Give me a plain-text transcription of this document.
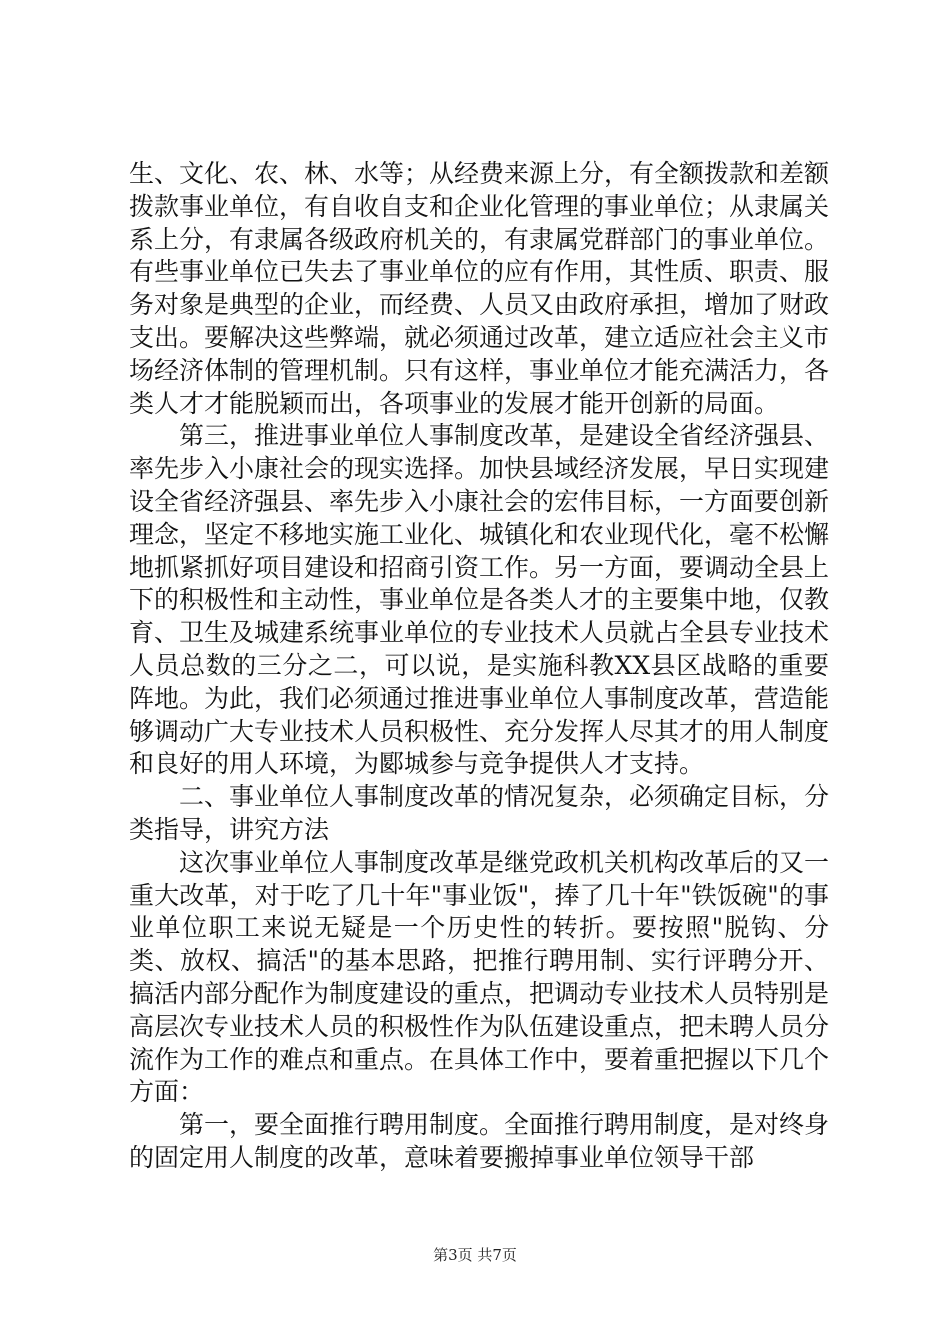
生、文化、农、林、水等；从经费来源上分，有全额拨款和差额拨款事业单位，有自收自支和企业化管理的事业单位；从隶属关系上分，有隶属各级政府机关的，有隶属党群部门的事业单位。有些事业单位已失去了事业单位的应有作用，其性质、职责、服务对象是典型的企业，而经费、人员又由政府承担，增加了财政支出。要解决这些弊端，就必须通过改革，建立适应社会主义市场经济体制的管理机制。只有这样，事业单位才能充满活力，各类人才才能脱颖而出，各项事业的发展才能开创新的局面。

第三，推进事业单位人事制度改革，是建设全省经济强县、率先步入小康社会的现实选择。加快县域经济发展，早日实现建设全省经济强县、率先步入小康社会的宏伟目标，一方面要创新理念，坚定不移地实施工业化、城镇化和农业现代化，毫不松懈地抓紧抓好项目建设和招商引资工作。另一方面，要调动全县上下的积极性和主动性，事业单位是各类人才的主要集中地，仅教育、卫生及城建系统事业单位的专业技术人员就占全县专业技术人员总数的三分之二，可以说，是实施科教XX县区战略的重要阵地。为此，我们必须通过推进事业单位人事制度改革，营造能够调动广大专业技术人员积极性、充分发挥人尽其才的用人制度和良好的用人环境，为郾城参与竞争提供人才支持。

二、事业单位人事制度改革的情况复杂，必须确定目标，分类指导，讲究方法

这次事业单位人事制度改革是继党政机关机构改革后的又一重大改革，对于吃了几十年"事业饭"，捧了几十年"铁饭碗"的事业单位职工来说无疑是一个历史性的转折。要按照"脱钩、分类、放权、搞活"的基本思路，把推行聘用制、实行评聘分开、搞活内部分配作为制度建设的重点，把调动专业技术人员特别是高层次专业技术人员的积极性作为队伍建设重点，把未聘人员分流作为工作的难点和重点。在具体工作中，要着重把握以下几个方面：

第一，要全面推行聘用制度。全面推行聘用制度，是对终身的固定用人制度的改革，意味着要搬掉事业单位领导干部

第3页 共7页
